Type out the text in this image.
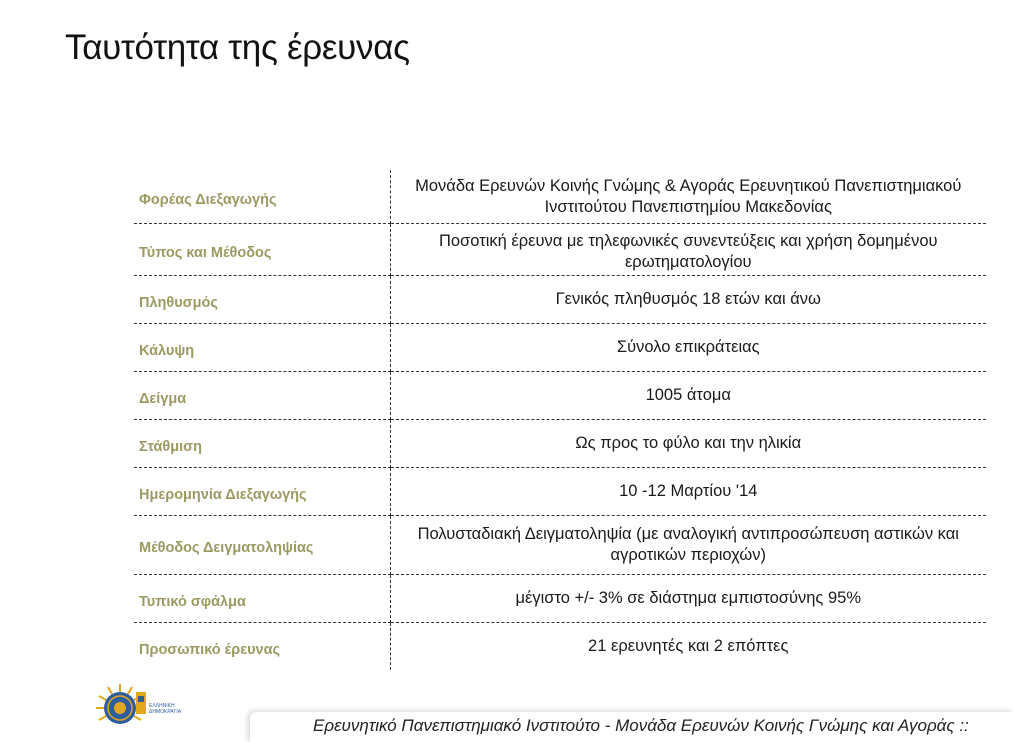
Ταυτότητα της έρευνας
Φορέας Διεξαγωγής	Μονάδα Ερευνών Κοινής Γνώμης & Αγοράς Ερευνητικού Πανεπιστημιακού Ινστιτούτου Πανεπιστημίου Μακεδονίας
Τύπος και Μέθοδος	Ποσοτική έρευνα με τηλεφωνικές συνεντεύξεις και χρήση δομημένου ερωτηματολογίου

Πληθυσμός	Γενικός πληθυσμός 18 ετών και άνω
Κάλυψη	Σύνολο επικράτειας
Δείγμα	1005 άτομα
Στάθμιση	Ως προς το φύλο και την ηλικία
Ημερομηνία Διεξαγωγής	10 -12 Μαρτίου '14
Μέθοδος Δειγματοληψίας	Πολυσταδιακή Δειγματοληψία (με αναλογική αντιπροσώπευση αστικών και αγροτικών περιοχών)
Τυπικό σφάλμα	μέγιστο +/- 3% σε διάστημα εμπιστοσύνης 95%
Προσωπικό έρευνας	21 ερευνητές και 2 επόπτες
ΕΛΛΗΝΙΚΗ
ΔΗΜΟΚΡΑΤΙΑ
Ερευνητικό Πανεπιστημιακό Ινστιτούτο - Μονάδα Ερευνών Κοινής Γνώμης και Αγοράς ::
